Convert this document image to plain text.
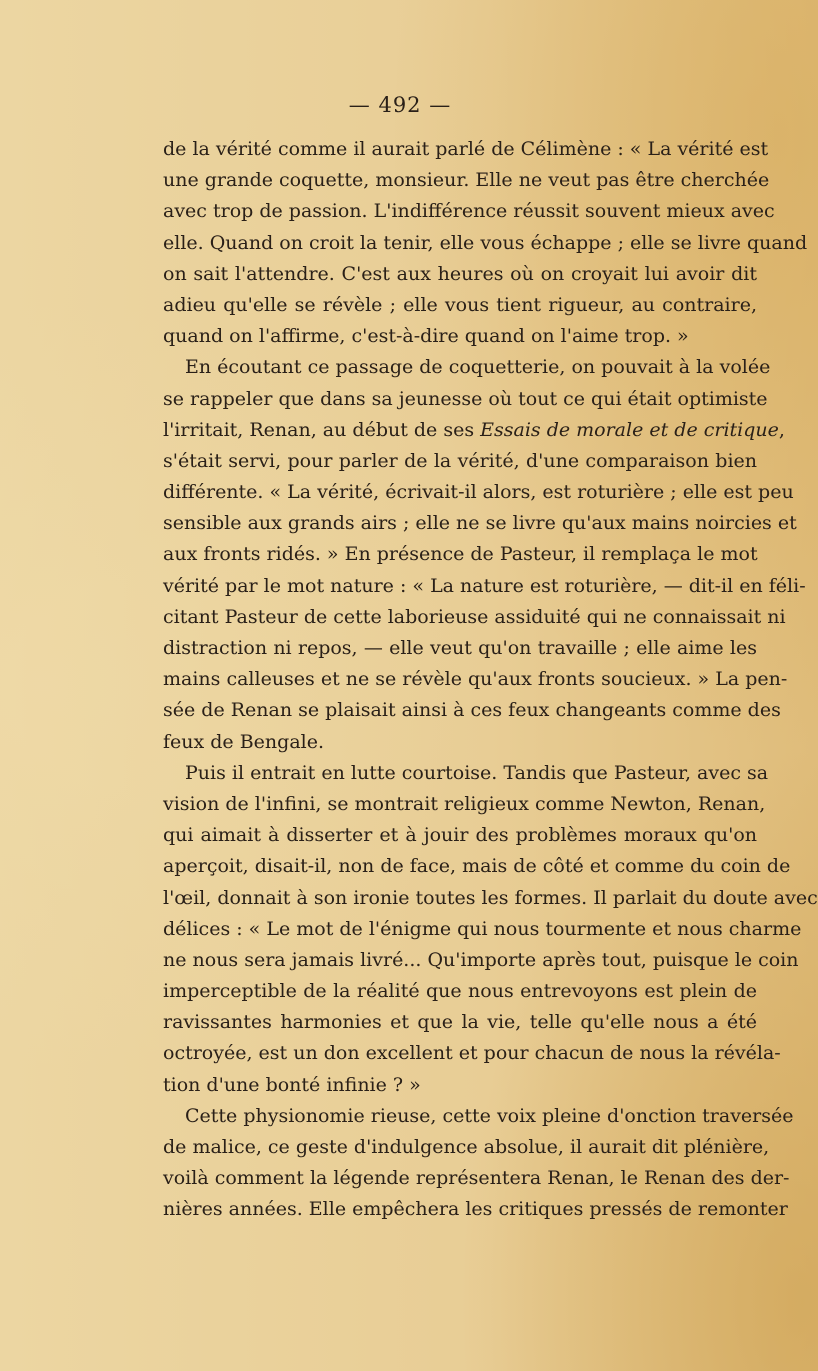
— 492 —
de la vérité comme il aurait parlé de Célimène : « La vérité est
une grande coquette, monsieur. Elle ne veut pas être cherchée
avec trop de passion. L'indifférence réussit souvent mieux avec
elle. Quand on croit la tenir, elle vous échappe ; elle se livre quand
on sait l'attendre. C'est aux heures où on croyait lui avoir dit
adieu qu'elle se révèle ; elle vous tient rigueur, au contraire,
quand on l'affirme, c'est-à-dire quand on l'aime trop. »
En écoutant ce passage de coquetterie, on pouvait à la volée
se rappeler que dans sa jeunesse où tout ce qui était optimiste
l'irritait, Renan, au début de ses Essais de morale et de critique,
s'était servi, pour parler de la vérité, d'une comparaison bien
différente. « La vérité, écrivait-il alors, est roturière ; elle est peu
sensible aux grands airs ; elle ne se livre qu'aux mains noircies et
aux fronts ridés. » En présence de Pasteur, il remplaça le mot
vérité par le mot nature : « La nature est roturière, — dit-il en féli-
citant Pasteur de cette laborieuse assiduité qui ne connaissait ni
distraction ni repos, — elle veut qu'on travaille ; elle aime les
mains calleuses et ne se révèle qu'aux fronts soucieux. » La pen-
sée de Renan se plaisait ainsi à ces feux changeants comme des
feux de Bengale.
Puis il entrait en lutte courtoise. Tandis que Pasteur, avec sa
vision de l'infini, se montrait religieux comme Newton, Renan,
qui aimait à disserter et à jouir des problèmes moraux qu'on
aperçoit, disait-il, non de face, mais de côté et comme du coin de
l'œil, donnait à son ironie toutes les formes. Il parlait du doute avec
délices : « Le mot de l'énigme qui nous tourmente et nous charme
ne nous sera jamais livré... Qu'importe après tout, puisque le coin
imperceptible de la réalité que nous entrevoyons est plein de
ravissantes harmonies et que la vie, telle qu'elle nous a été
octroyée, est un don excellent et pour chacun de nous la révéla-
tion d'une bonté infinie ? »
Cette physionomie rieuse, cette voix pleine d'onction traversée
de malice, ce geste d'indulgence absolue, il aurait dit plénière,
voilà comment la légende représentera Renan, le Renan des der-
nières années. Elle empêchera les critiques pressés de remonter
